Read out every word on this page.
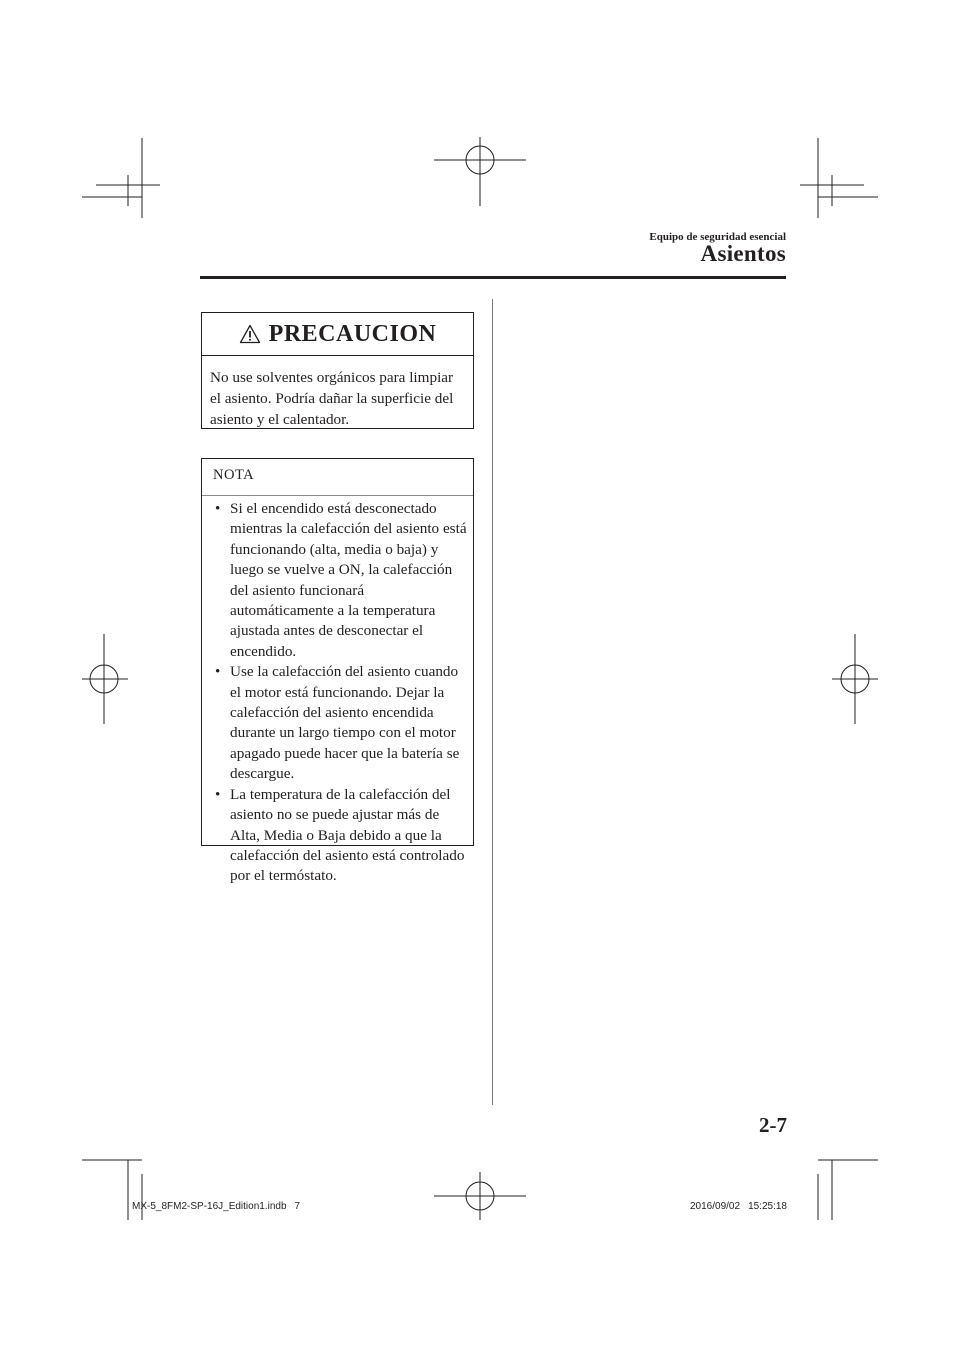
Equipo de seguridad esencial
Asientos
PRECAUCION
No use solventes orgánicos para limpiar el asiento. Podría dañar la superficie del asiento y el calentador.
NOTA
• Si el encendido está desconectado mientras la calefacción del asiento está funcionando (alta, media o baja) y luego se vuelve a ON, la calefacción del asiento funcionará automáticamente a la temperatura ajustada antes de desconectar el encendido.
• Use la calefacción del asiento cuando el motor está funcionando. Dejar la calefacción del asiento encendida durante un largo tiempo con el motor apagado puede hacer que la batería se descargue.
• La temperatura de la calefacción del asiento no se puede ajustar más de Alta, Media o Baja debido a que la calefacción del asiento está controlado por el termóstato.
2-7
MX-5_8FM2-SP-16J_Edition1.indb 7	2016/09/02 15:25:18
